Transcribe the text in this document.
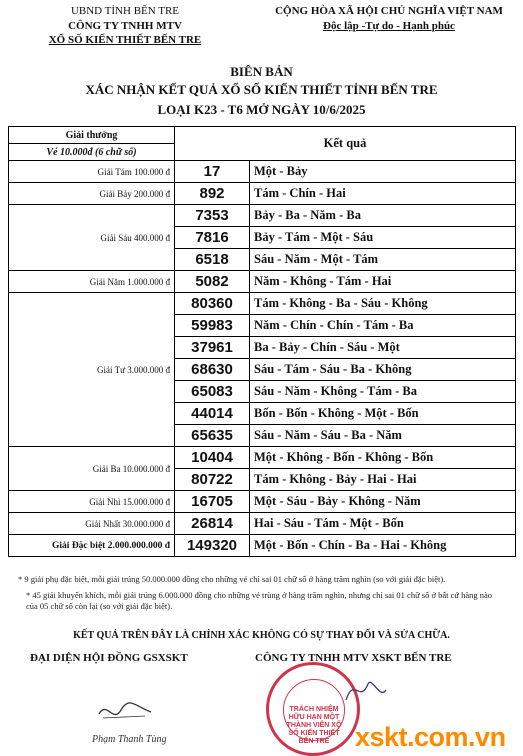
UBND TỈNH BẾN TRE
CÔNG TY TNHH MTV
XỔ SỐ KIẾN THIẾT BẾN TRE
CỘNG HÒA XÃ HỘI CHỦ NGHĨA VIỆT NAM
Độc lập -Tự do - Hạnh phúc
BIÊN BẢN
XÁC NHẬN KẾT QUẢ XỔ SỐ KIẾN THIẾT TỈNH BẾN TRE
LOẠI K23 - T6 MỞ NGÀY 10/6/2025
Giải thưởng	Kết quả	
Vé 10.000đ (6 chữ số)		
Giải Tám 100.000 đ	17	Một - Bảy
Giải Bảy 200.000 đ	892	Tám - Chín - Hai
Giải Sáu 400.000 đ	7353	Bảy - Ba - Năm - Ba
	7816	Bảy - Tám - Một - Sáu
	6518	Sáu - Năm - Một - Tám
Giải Năm 1.000.000 đ	5082	Năm - Không - Tám - Hai
Giải Tư 3.000.000 đ	80360	Tám - Không - Ba - Sáu - Không
	59983	Năm - Chín - Chín - Tám - Ba
	37961	Ba - Bảy - Chín - Sáu - Một
	68630	Sáu - Tám - Sáu - Ba - Không
	65083	Sáu - Năm - Không - Tám - Ba
	44014	Bốn - Bốn - Không - Một - Bốn
	65635	Sáu - Năm - Sáu - Ba - Năm
Giải Ba 10.000.000 đ	10404	Một - Không - Bốn - Không - Bốn
	80722	Tám - Không - Bảy - Hai - Hai
Giải Nhì 15.000.000 đ	16705	Một - Sáu - Bảy - Không - Năm
Giải Nhất 30.000.000 đ	26814	Hai - Sáu - Tám - Một - Bốn
Giải Đặc biệt 2.000.000.000 đ	149320	Một - Bốn - Chín - Ba - Hai - Không
* 9 giải phụ đặc biệt, mỗi giải trúng 50.000.000 đồng cho những vé chỉ sai 01 chữ số ở hàng trăm nghìn (so với giải đặc biệt).
* 45 giải khuyến khích, mỗi giải trúng 6.000.000 đồng cho những vé trùng ở hàng trăm nghìn, nhưng chỉ sai 01 chữ số ở bất cứ hàng nào của 05 chữ số còn lại (so với giải đặc biệt).
KẾT QUẢ TRÊN ĐÂY LÀ CHÍNH XÁC KHÔNG CÓ SỰ THAY ĐỔI VÀ SỬA CHỮA.
ĐẠI DIỆN HỘI ĐỒNG GSXSKT	CÔNG TY TNHH MTV XSKT BẾN TRE
Phạm Thanh Tùng
TRÁCH NHIỆM HỮU HẠN MỘT THÀNH VIÊN XỔ SỐ KIẾN THIẾT BẾN TRE xskt.com.vn
